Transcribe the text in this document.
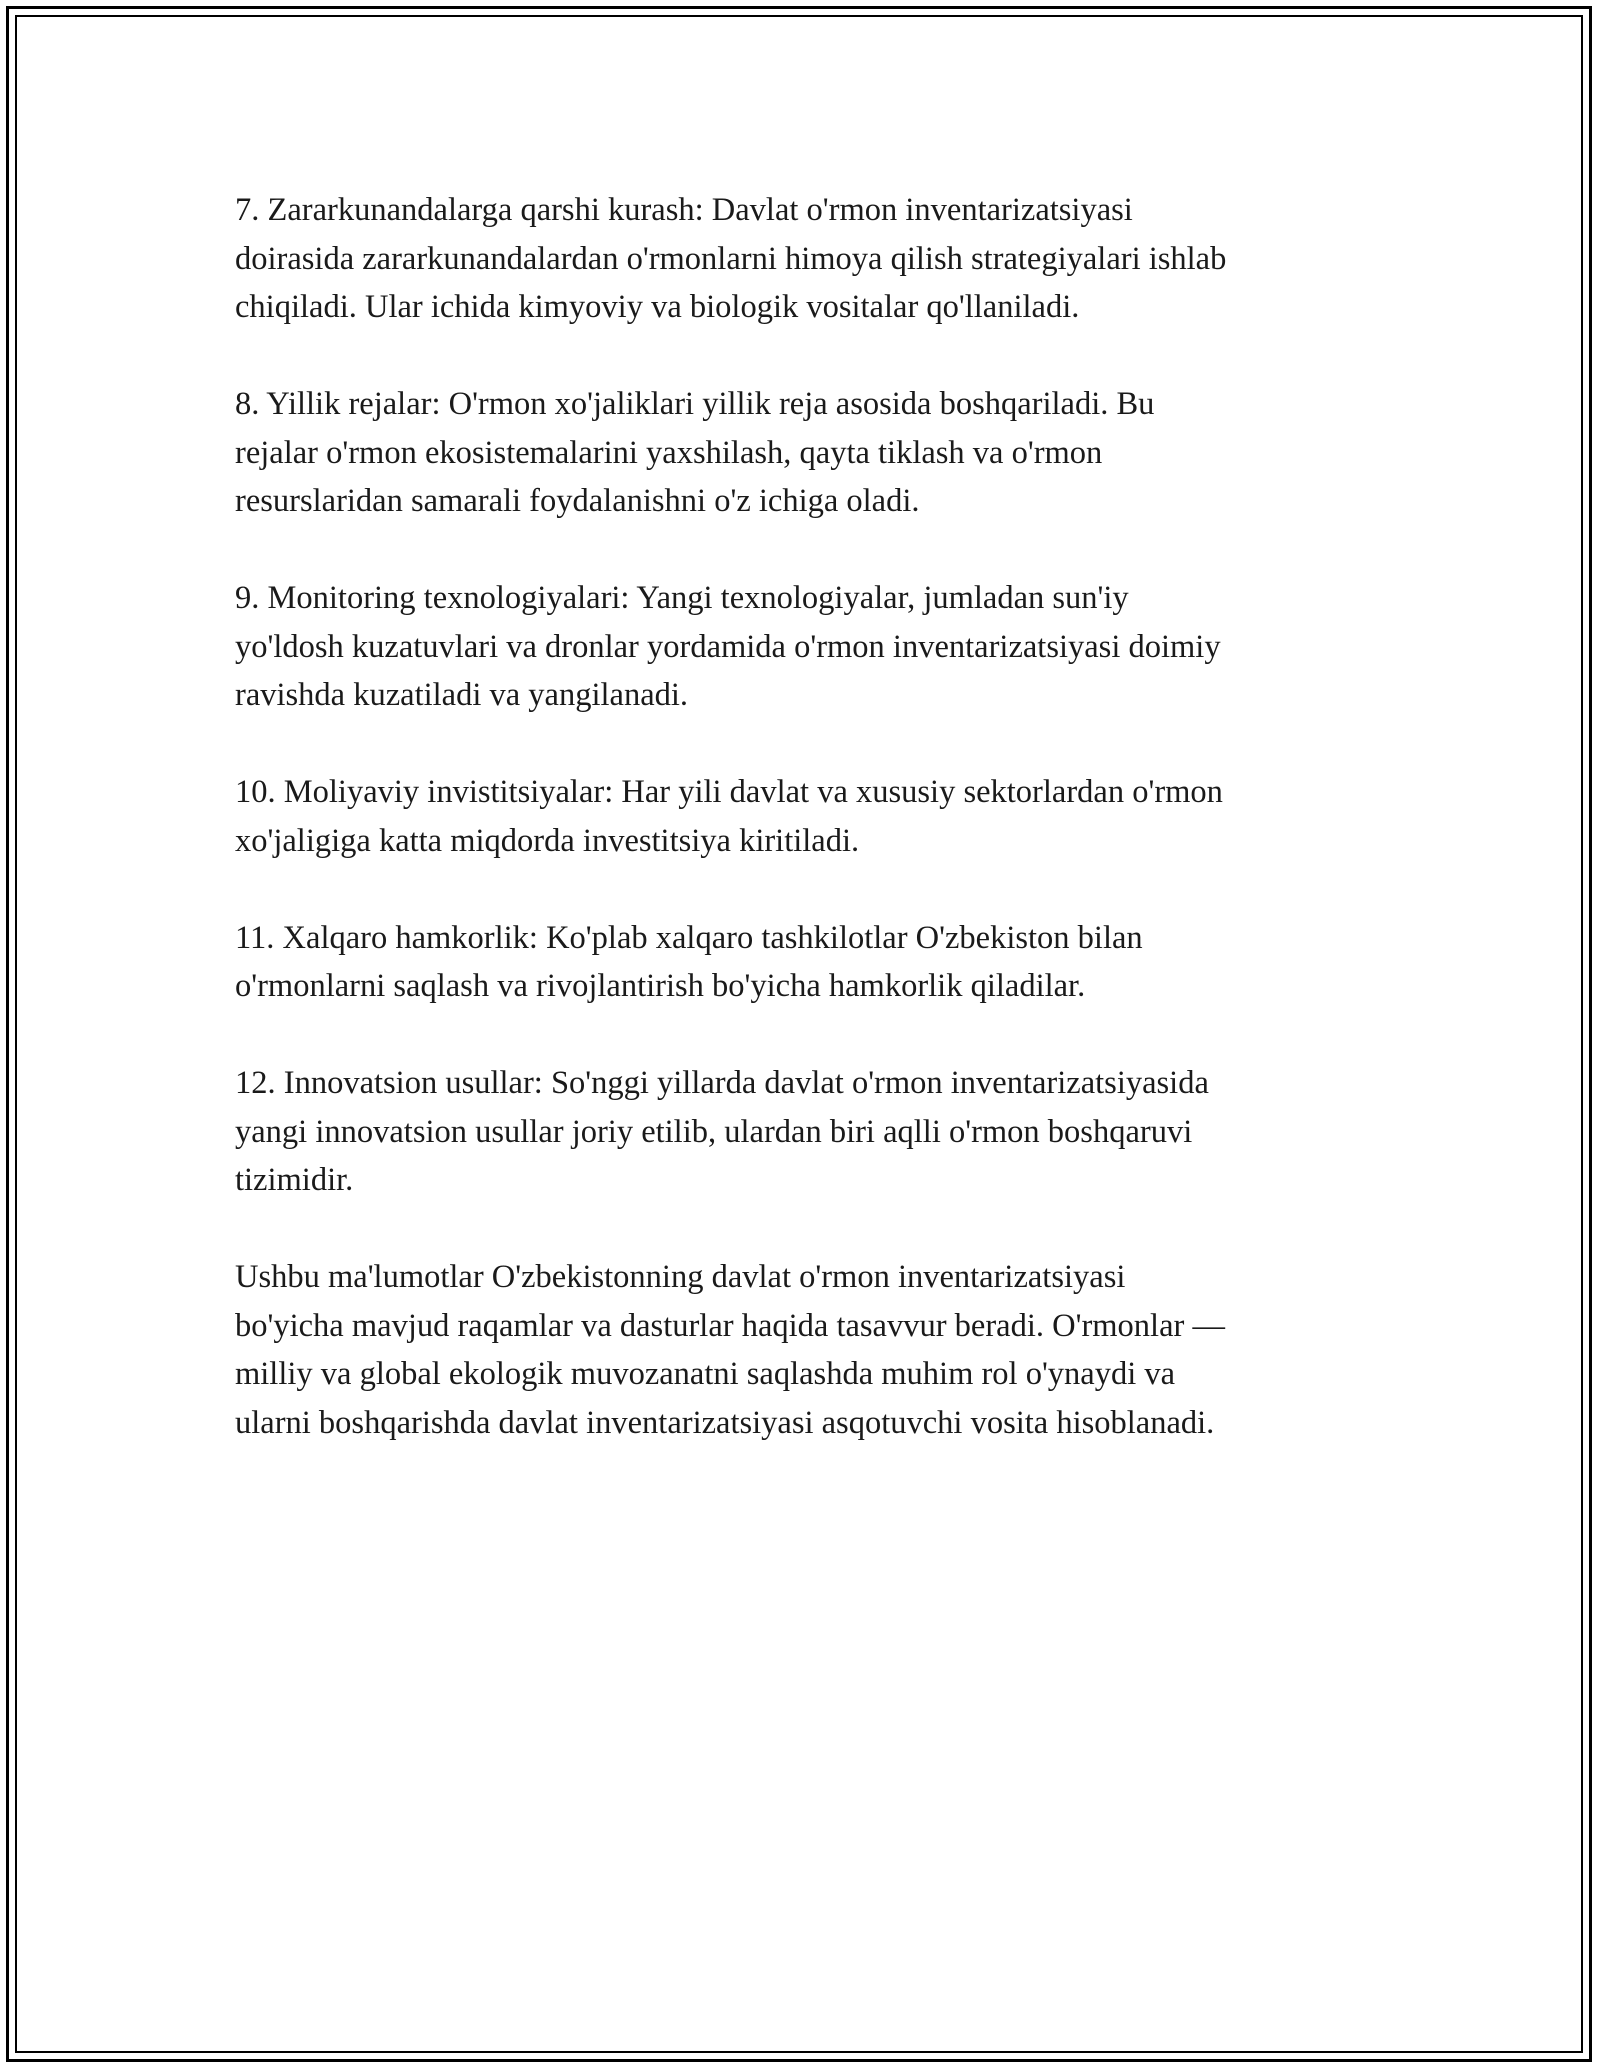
7. Zararkunandalarga qarshi kurash: Davlat o'rmon inventarizatsiyasi
doirasida zararkunandalardan o'rmonlarni himoya qilish strategiyalari ishlab
chiqiladi. Ular ichida kimyoviy va biologik vositalar qo'llaniladi.

8. Yillik rejalar: O'rmon xo'jaliklari yillik reja asosida boshqariladi. Bu
rejalar o'rmon ekosistemalarini yaxshilash, qayta tiklash va o'rmon
resurslaridan samarali foydalanishni o'z ichiga oladi.

9. Monitoring texnologiyalari: Yangi texnologiyalar, jumladan sun'iy
yo'ldosh kuzatuvlari va dronlar yordamida o'rmon inventarizatsiyasi doimiy
ravishda kuzatiladi va yangilanadi.

10. Moliyaviy invistitsiyalar: Har yili davlat va xususiy sektorlardan o'rmon
xo'jaligiga katta miqdorda investitsiya kiritiladi.

11. Xalqaro hamkorlik: Ko'plab xalqaro tashkilotlar O'zbekiston bilan
o'rmonlarni saqlash va rivojlantirish bo'yicha hamkorlik qiladilar.

12. Innovatsion usullar: So'nggi yillarda davlat o'rmon inventarizatsiyasida
yangi innovatsion usullar joriy etilib, ulardan biri aqlli o'rmon boshqaruvi
tizimidir.

Ushbu ma'lumotlar O'zbekistonning davlat o'rmon inventarizatsiyasi
bo'yicha mavjud raqamlar va dasturlar haqida tasavvur beradi. O'rmonlar —
milliy va global ekologik muvozanatni saqlashda muhim rol o'ynaydi va
ularni boshqarishda davlat inventarizatsiyasi asqotuvchi vosita hisoblanadi.
